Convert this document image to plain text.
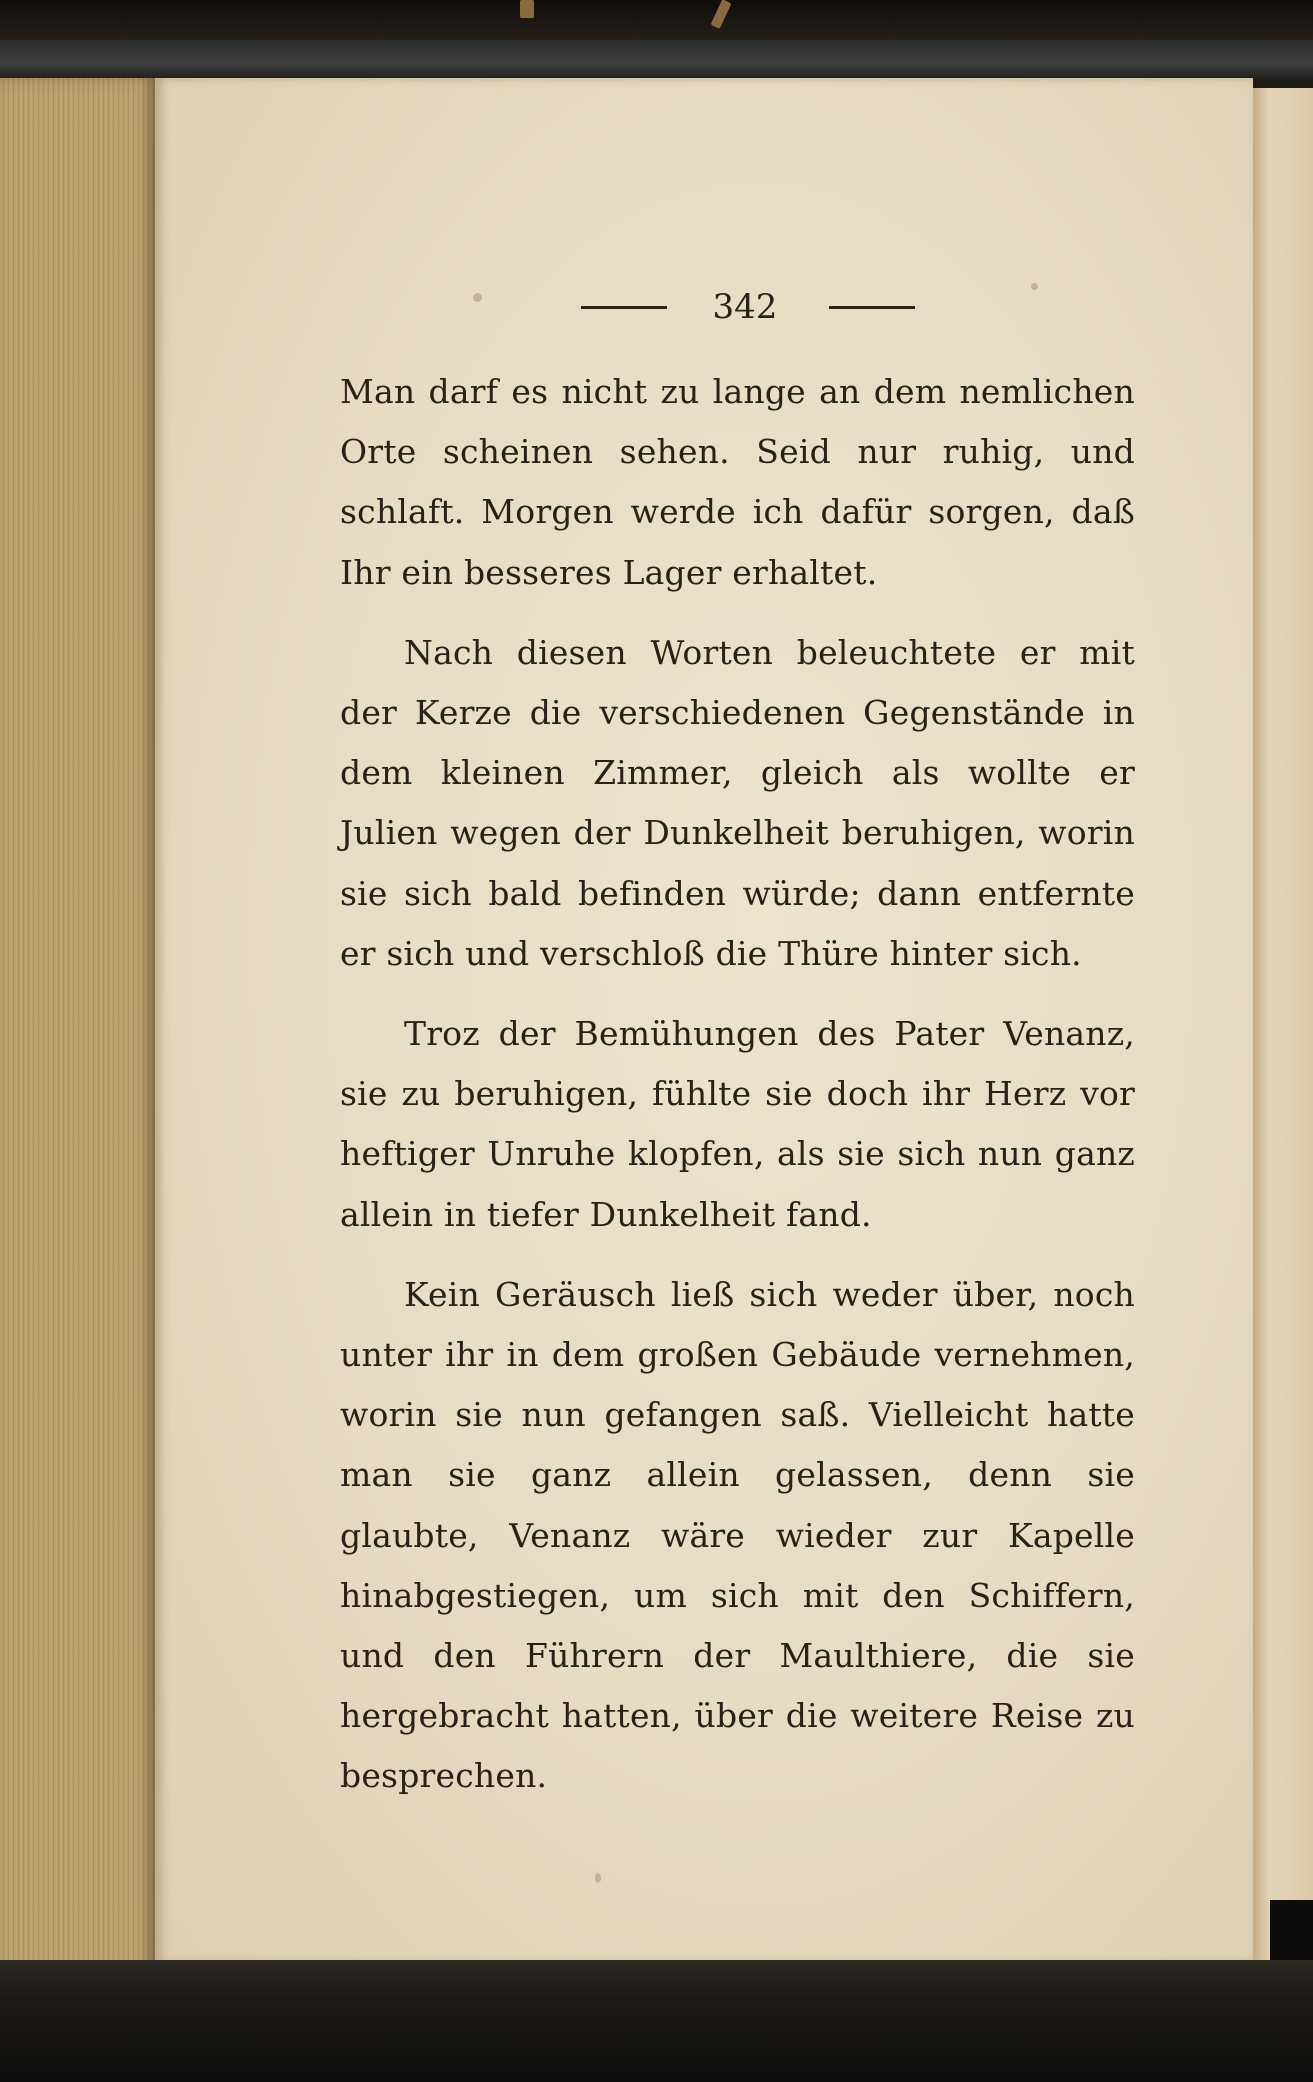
342

Man darf es nicht zu lange an dem nemlichen Orte scheinen sehen. Seid nur ruhig, und schlaft. Morgen werde ich dafür sorgen, daß Ihr ein besseres Lager erhaltet.

Nach diesen Worten beleuchtete er mit der Kerze die verschiedenen Gegenstände in dem kleinen Zimmer, gleich als wollte er Julien wegen der Dunkelheit beruhigen, worin sie sich bald befinden würde; dann entfernte er sich und verschloß die Thüre hinter sich.

Troz der Bemühungen des Pater Venanz, sie zu beruhigen, fühlte sie doch ihr Herz vor heftiger Unruhe klopfen, als sie sich nun ganz allein in tiefer Dunkelheit fand.

Kein Geräusch ließ sich weder über, noch unter ihr in dem großen Gebäude vernehmen, worin sie nun gefangen saß. Vielleicht hatte man sie ganz allein gelassen, denn sie glaubte, Venanz wäre wieder zur Kapelle hinabgestiegen, um sich mit den Schiffern, und den Führern der Maulthiere, die sie hergebracht hatten, über die weitere Reise zu besprechen.
